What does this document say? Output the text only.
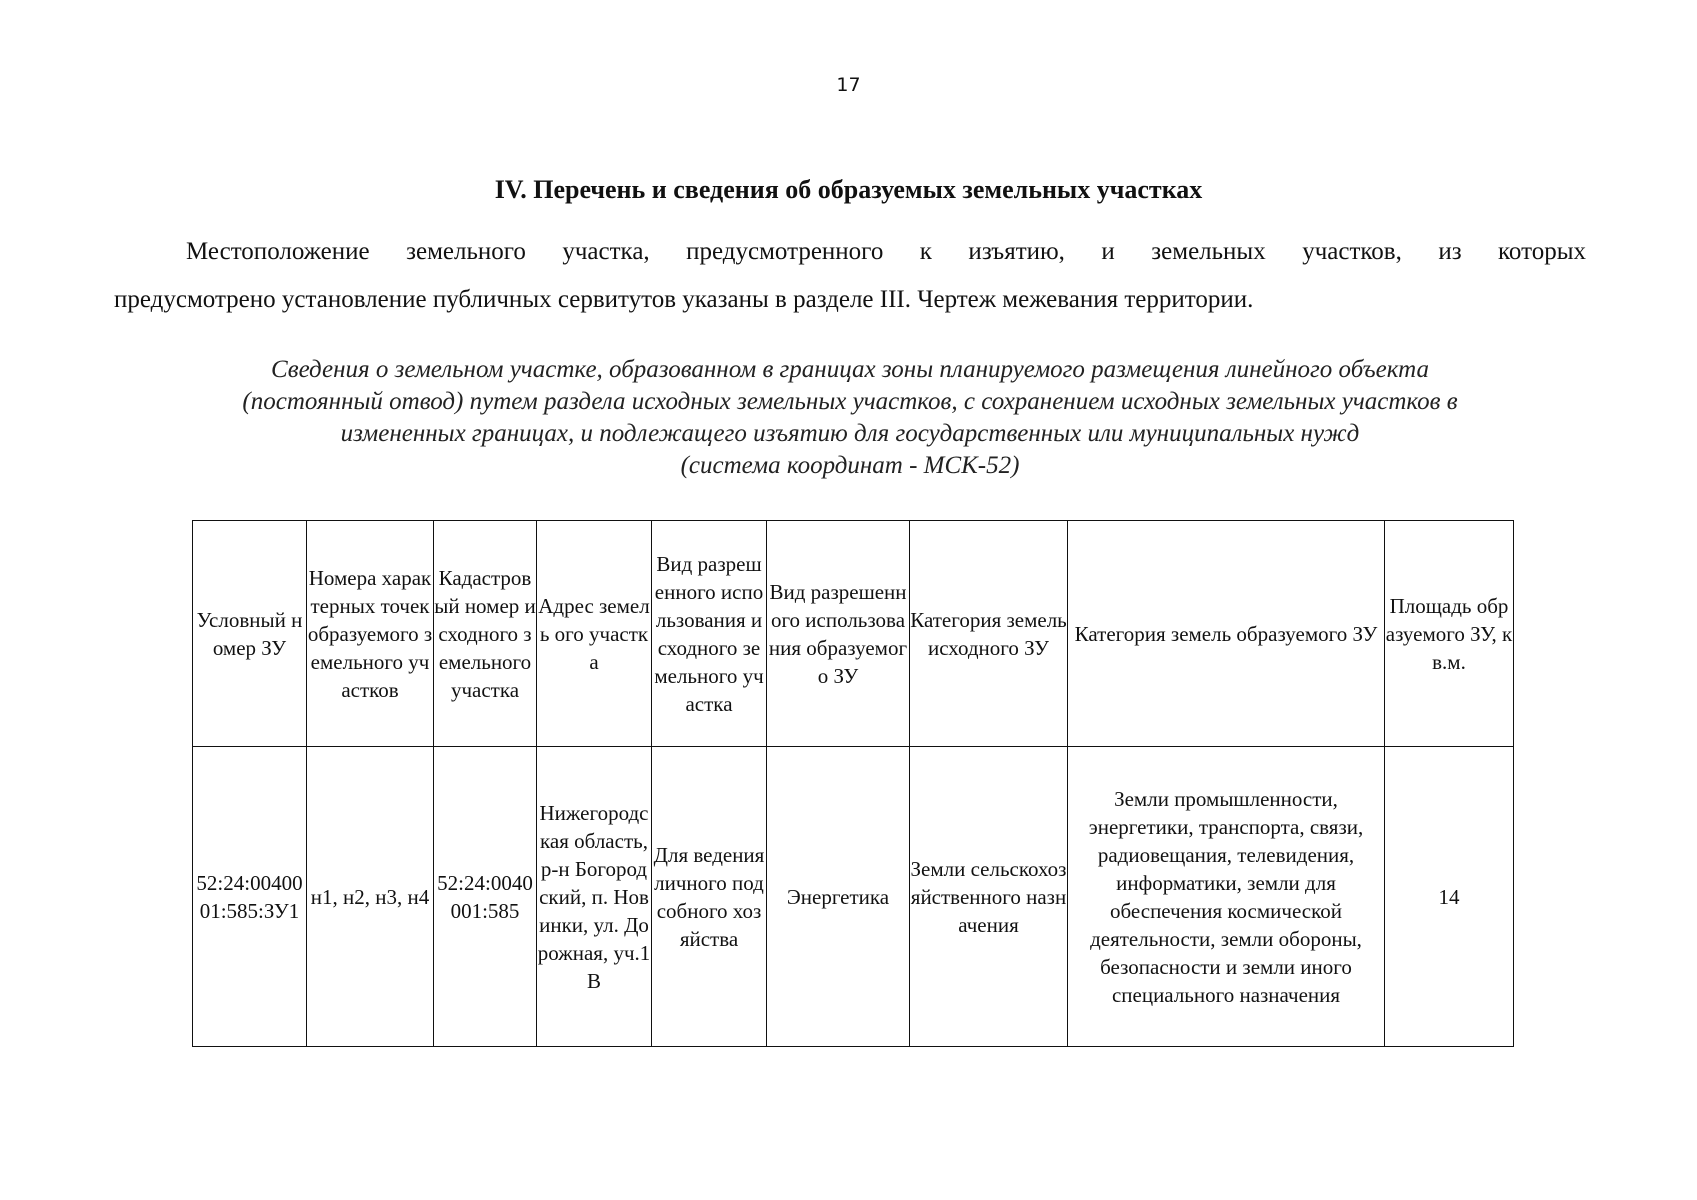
17
IV. Перечень и сведения об образуемых земельных участках
Местоположение земельного участка, предусмотренного к изъятию, и земельных участков, из которых
предусмотрено установление публичных сервитутов указаны в разделе III. Чертеж межевания территории.
Сведения о земельном участке, образованном в границах зоны планируемого размещения линейного объекта
(постоянный отвод) путем раздела исходных земельных участков, с сохранением исходных земельных участков в
измененных границах, и подлежащего изъятию для государственных или муниципальных нужд
(система координат - МСК-52)
Условный номер ЗУ	Номера характерных точек образуемого земельного участков	Кадастровый номер исходного земельного участка	Адрес земель ого участка	Вид разрешенного использования исходного земельного участка	Вид разрешенного использования образуемого ЗУ	Категория земель исходного ЗУ	Категория земель образуемого ЗУ	Площадь образуемого ЗУ, кв.м.
52:24:0040001:585:ЗУ1	н1, н2, н3, н4	52:24:0040001:585	Нижегородская область, р-н Богородский, п. Новинки, ул. Дорожная, уч.1В	Для ведения личного подсобного хозяйства	Энергетика	Земли сельскохозяйственного назначения	Земли промышленности, энергетики, транспорта, связи, радиовещания, телевидения, информатики, земли для обеспечения космической деятельности, земли обороны, безопасности и земли иного специального назначения	14
